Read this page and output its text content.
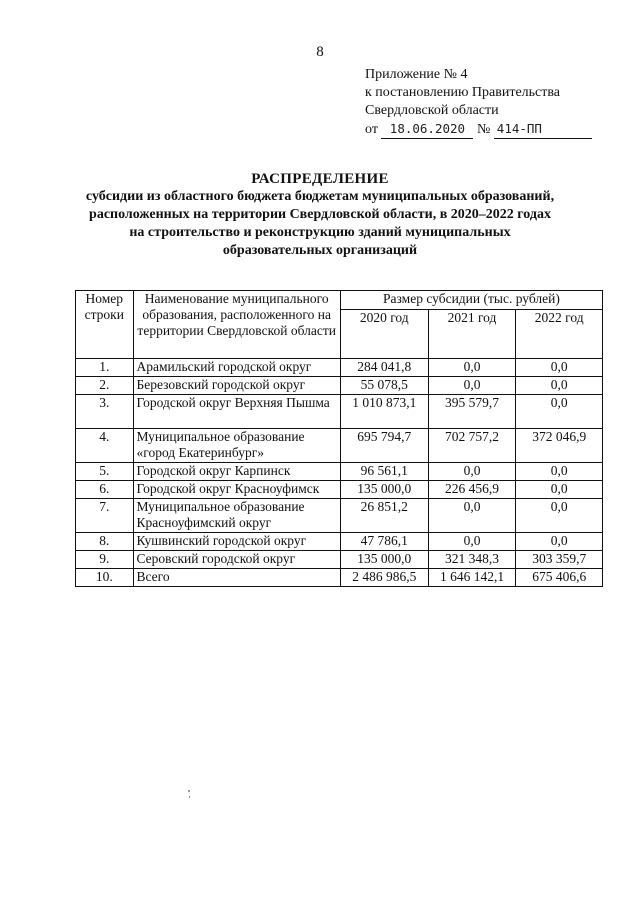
8
Приложение № 4
к постановлению Правительства
Свердловской области
от 18.06.2020 № 414-ПП
РАСПРЕДЕЛЕНИЕ
субсидии из областного бюджета бюджетам муниципальных образований,
расположенных на территории Свердловской области, в 2020–2022 годах
на строительство и реконструкцию зданий муниципальных
образовательных организаций
Номер строки	Наименование муниципального образования, расположенного на территории Свердловской области	Размер субсидии (тыс. рублей)		
		2020 год	2021 год	2022 год
1.	Арамильский городской округ	284 041,8	0,0	0,0
2.	Березовский городской округ	55 078,5	0,0	0,0
3.	Городской округ Верхняя Пышма	1 010 873,1	395 579,7	0,0
4.	Муниципальное образование «город Екатеринбург»	695 794,7	702 757,2	372 046,9
5.	Городской округ Карпинск	96 561,1	0,0	0,0
6.	Городской округ Красноуфимск	135 000,0	226 456,9	0,0
7.	Муниципальное образование Красноуфимский округ	26 851,2	0,0	0,0
8.	Кушвинский городской округ	47 786,1	0,0	0,0
9.	Серовский городской округ	135 000,0	321 348,3	303 359,7
10.	Всего	2 486 986,5	1 646 142,1	675 406,6
